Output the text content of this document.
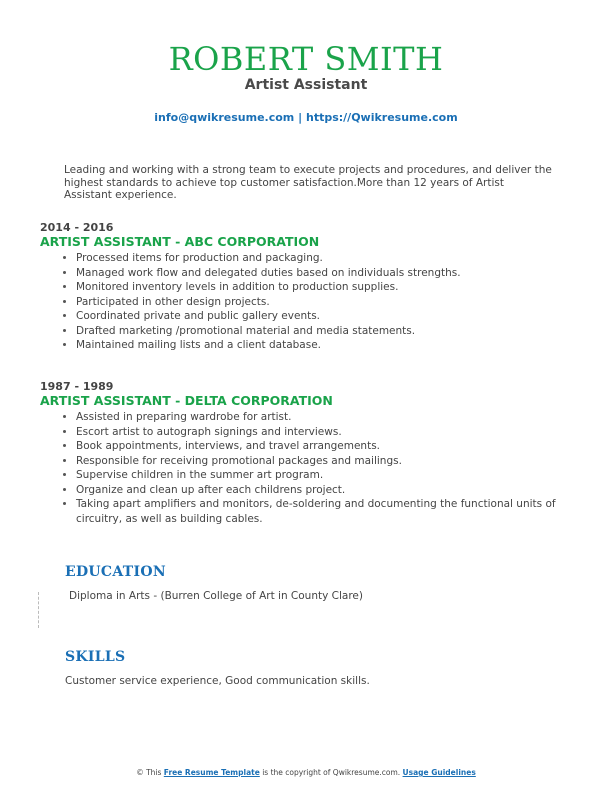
ROBERT SMITH
Artist Assistant
info@qwikresume.com | https://Qwikresume.com
Leading and working with a strong team to execute projects and procedures, and deliver the highest standards to achieve top customer satisfaction.More than 12 years of Artist Assistant experience.
2014 - 2016
ARTIST ASSISTANT - ABC CORPORATION
• Processed items for production and packaging.
• Managed work flow and delegated duties based on individuals strengths.
• Monitored inventory levels in addition to production supplies.
• Participated in other design projects.
• Coordinated private and public gallery events.
• Drafted marketing /promotional material and media statements.
• Maintained mailing lists and a client database.
1987 - 1989
ARTIST ASSISTANT - DELTA CORPORATION
• Assisted in preparing wardrobe for artist.
• Escort artist to autograph signings and interviews.
• Book appointments, interviews, and travel arrangements.
• Responsible for receiving promotional packages and mailings.
• Supervise children in the summer art program.
• Organize and clean up after each childrens project.
• Taking apart amplifiers and monitors, de-soldering and documenting the functional units of circuitry, as well as building cables.
EDUCATION
Diploma in Arts - (Burren College of Art in County Clare)
SKILLS
Customer service experience, Good communication skills.
© This Free Resume Template is the copyright of Qwikresume.com. Usage Guidelines
